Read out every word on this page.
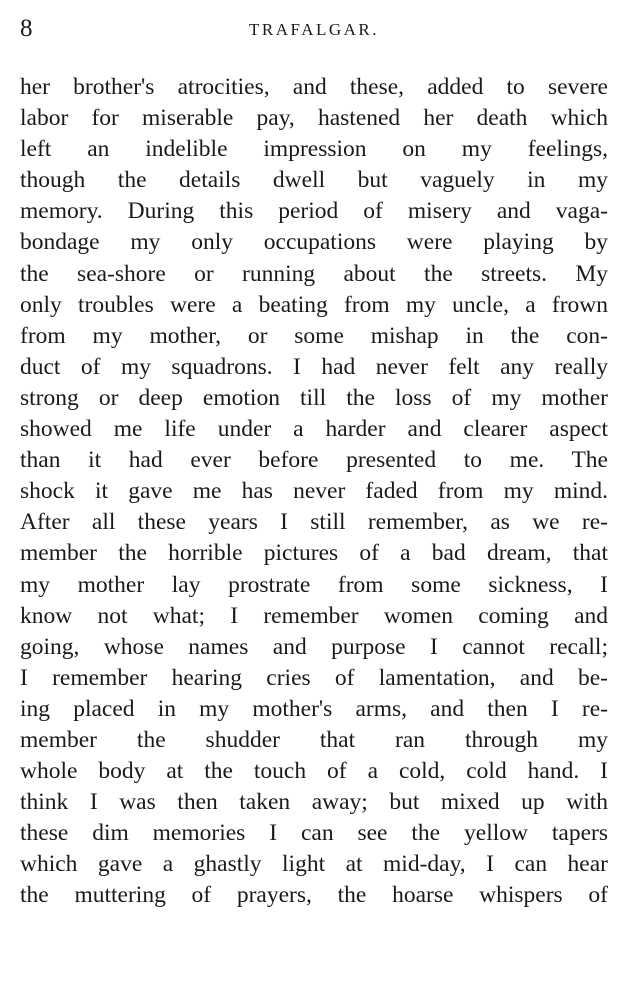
8	TRAFALGAR.
her brother's atrocities, and these, added to severe
labor for miserable pay, hastened her death which
left an indelible impression on my feelings,
though the details dwell but vaguely in my
memory. During this period of misery and vaga-
bondage my only occupations were playing by
the sea-shore or running about the streets. My
only troubles were a beating from my uncle, a frown
from my mother, or some mishap in the con-
duct of my squadrons. I had never felt any really
strong or deep emotion till the loss of my mother
showed me life under a harder and clearer aspect
than it had ever before presented to me. The
shock it gave me has never faded from my mind.
After all these years I still remember, as we re-
member the horrible pictures of a bad dream, that
my mother lay prostrate from some sickness, I
know not what; I remember women coming and
going, whose names and purpose I cannot recall;
I remember hearing cries of lamentation, and be-
ing placed in my mother's arms, and then I re-
member the shudder that ran through my
whole body at the touch of a cold, cold hand. I
think I was then taken away; but mixed up with
these dim memories I can see the yellow tapers
which gave a ghastly light at mid-day, I can hear
the muttering of prayers, the hoarse whispers of
